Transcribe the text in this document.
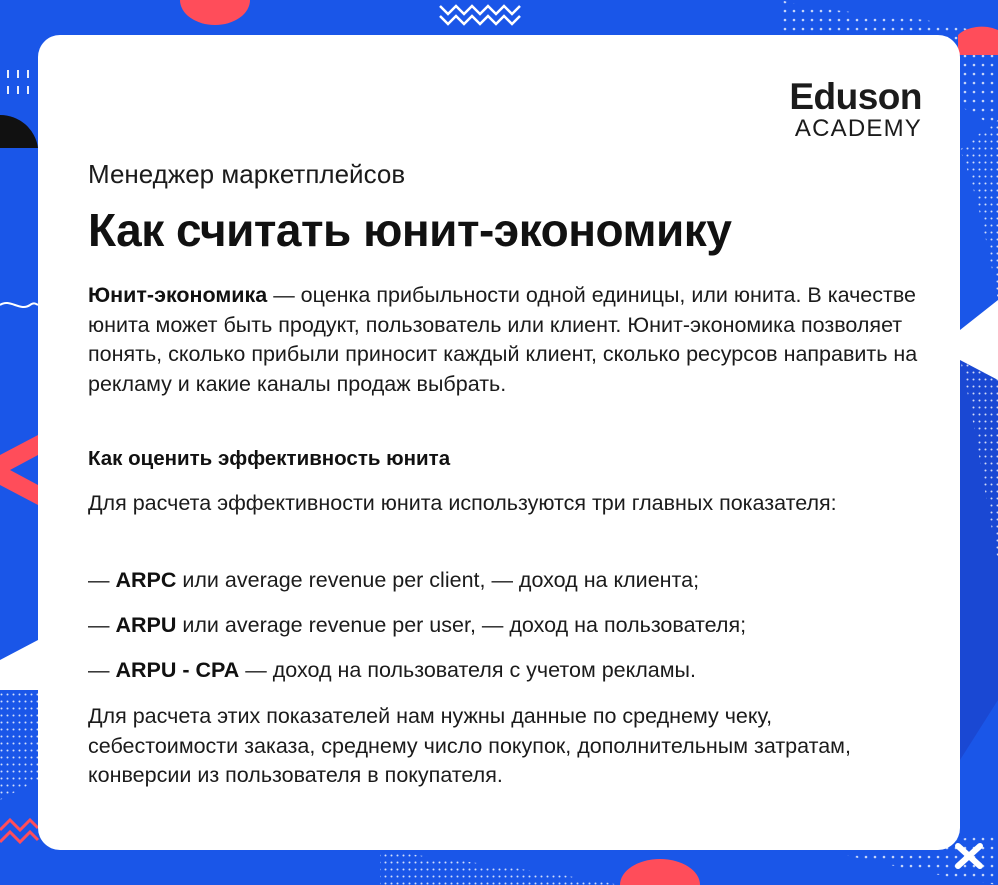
Eduson
ACADEMY

Менеджер маркетплейсов

Как считать юнит-экономику

Юнит-экономика — оценка прибыльности одной единицы, или юнита. В качестве юнита может быть продукт, пользователь или клиент. Юнит-экономика позволяет понять, сколько прибыли приносит каждый клиент, сколько ресурсов направить на рекламу и какие каналы продаж выбрать.

Как оценить эффективность юнита

Для расчета эффективности юнита используются три главных показателя:

— ARPC или average revenue per client, — доход на клиента;

— ARPU или average revenue per user, — доход на пользователя;

— ARPU - CPA — доход на пользователя с учетом рекламы.

Для расчета этих показателей нам нужны данные по среднему чеку, себестоимости заказа, среднему число покупок, дополнительным затратам, конверсии из пользователя в покупателя.
